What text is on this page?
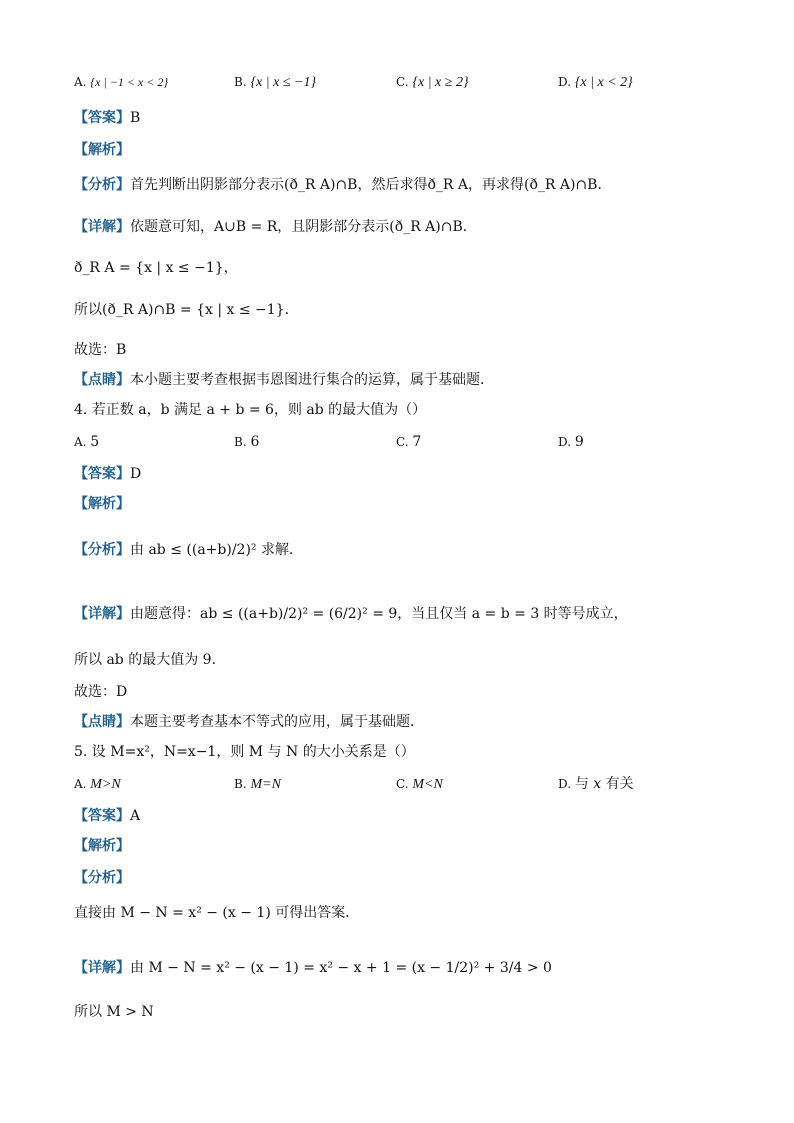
A. {x | −1 < x < 2}	B. {x | x ≤ −1}	C. {x | x ≥ 2}	D. {x | x < 2}
【答案】B
【解析】
【分析】首先判断出阴影部分表示(ð_R A)∩B，然后求得ð_R A，再求得(ð_R A)∩B．
【详解】依题意可知，A∪B = R，且阴影部分表示(ð_R A)∩B．
ð_R A = {x | x ≤ −1}，
所以(ð_R A)∩B = {x | x ≤ −1}．
故选：B
【点睛】本小题主要考查根据韦恩图进行集合的运算，属于基础题．
4. 若正数 a，b 满足 a + b = 6，则 ab 的最大值为（）
A. 5	B. 6	C. 7	D. 9
【答案】D
【解析】
【分析】由 ab ≤ ((a+b)/2)² 求解．
【详解】由题意得：ab ≤ ((a+b)/2)² = (6/2)² = 9，当且仅当 a = b = 3 时等号成立，
所以 ab 的最大值为 9．
故选：D
【点睛】本题主要考查基本不等式的应用，属于基础题．
5. 设 M=x²，N=x−1，则 M 与 N 的大小关系是（）
A. M>N	B. M=N	C. M<N	D. 与 x 有关
【答案】A
【解析】
【分析】
直接由 M − N = x² − (x − 1) 可得出答案．
【详解】由 M − N = x² − (x − 1) = x² − x + 1 = (x − 1/2)² + 3/4 > 0
所以 M > N
